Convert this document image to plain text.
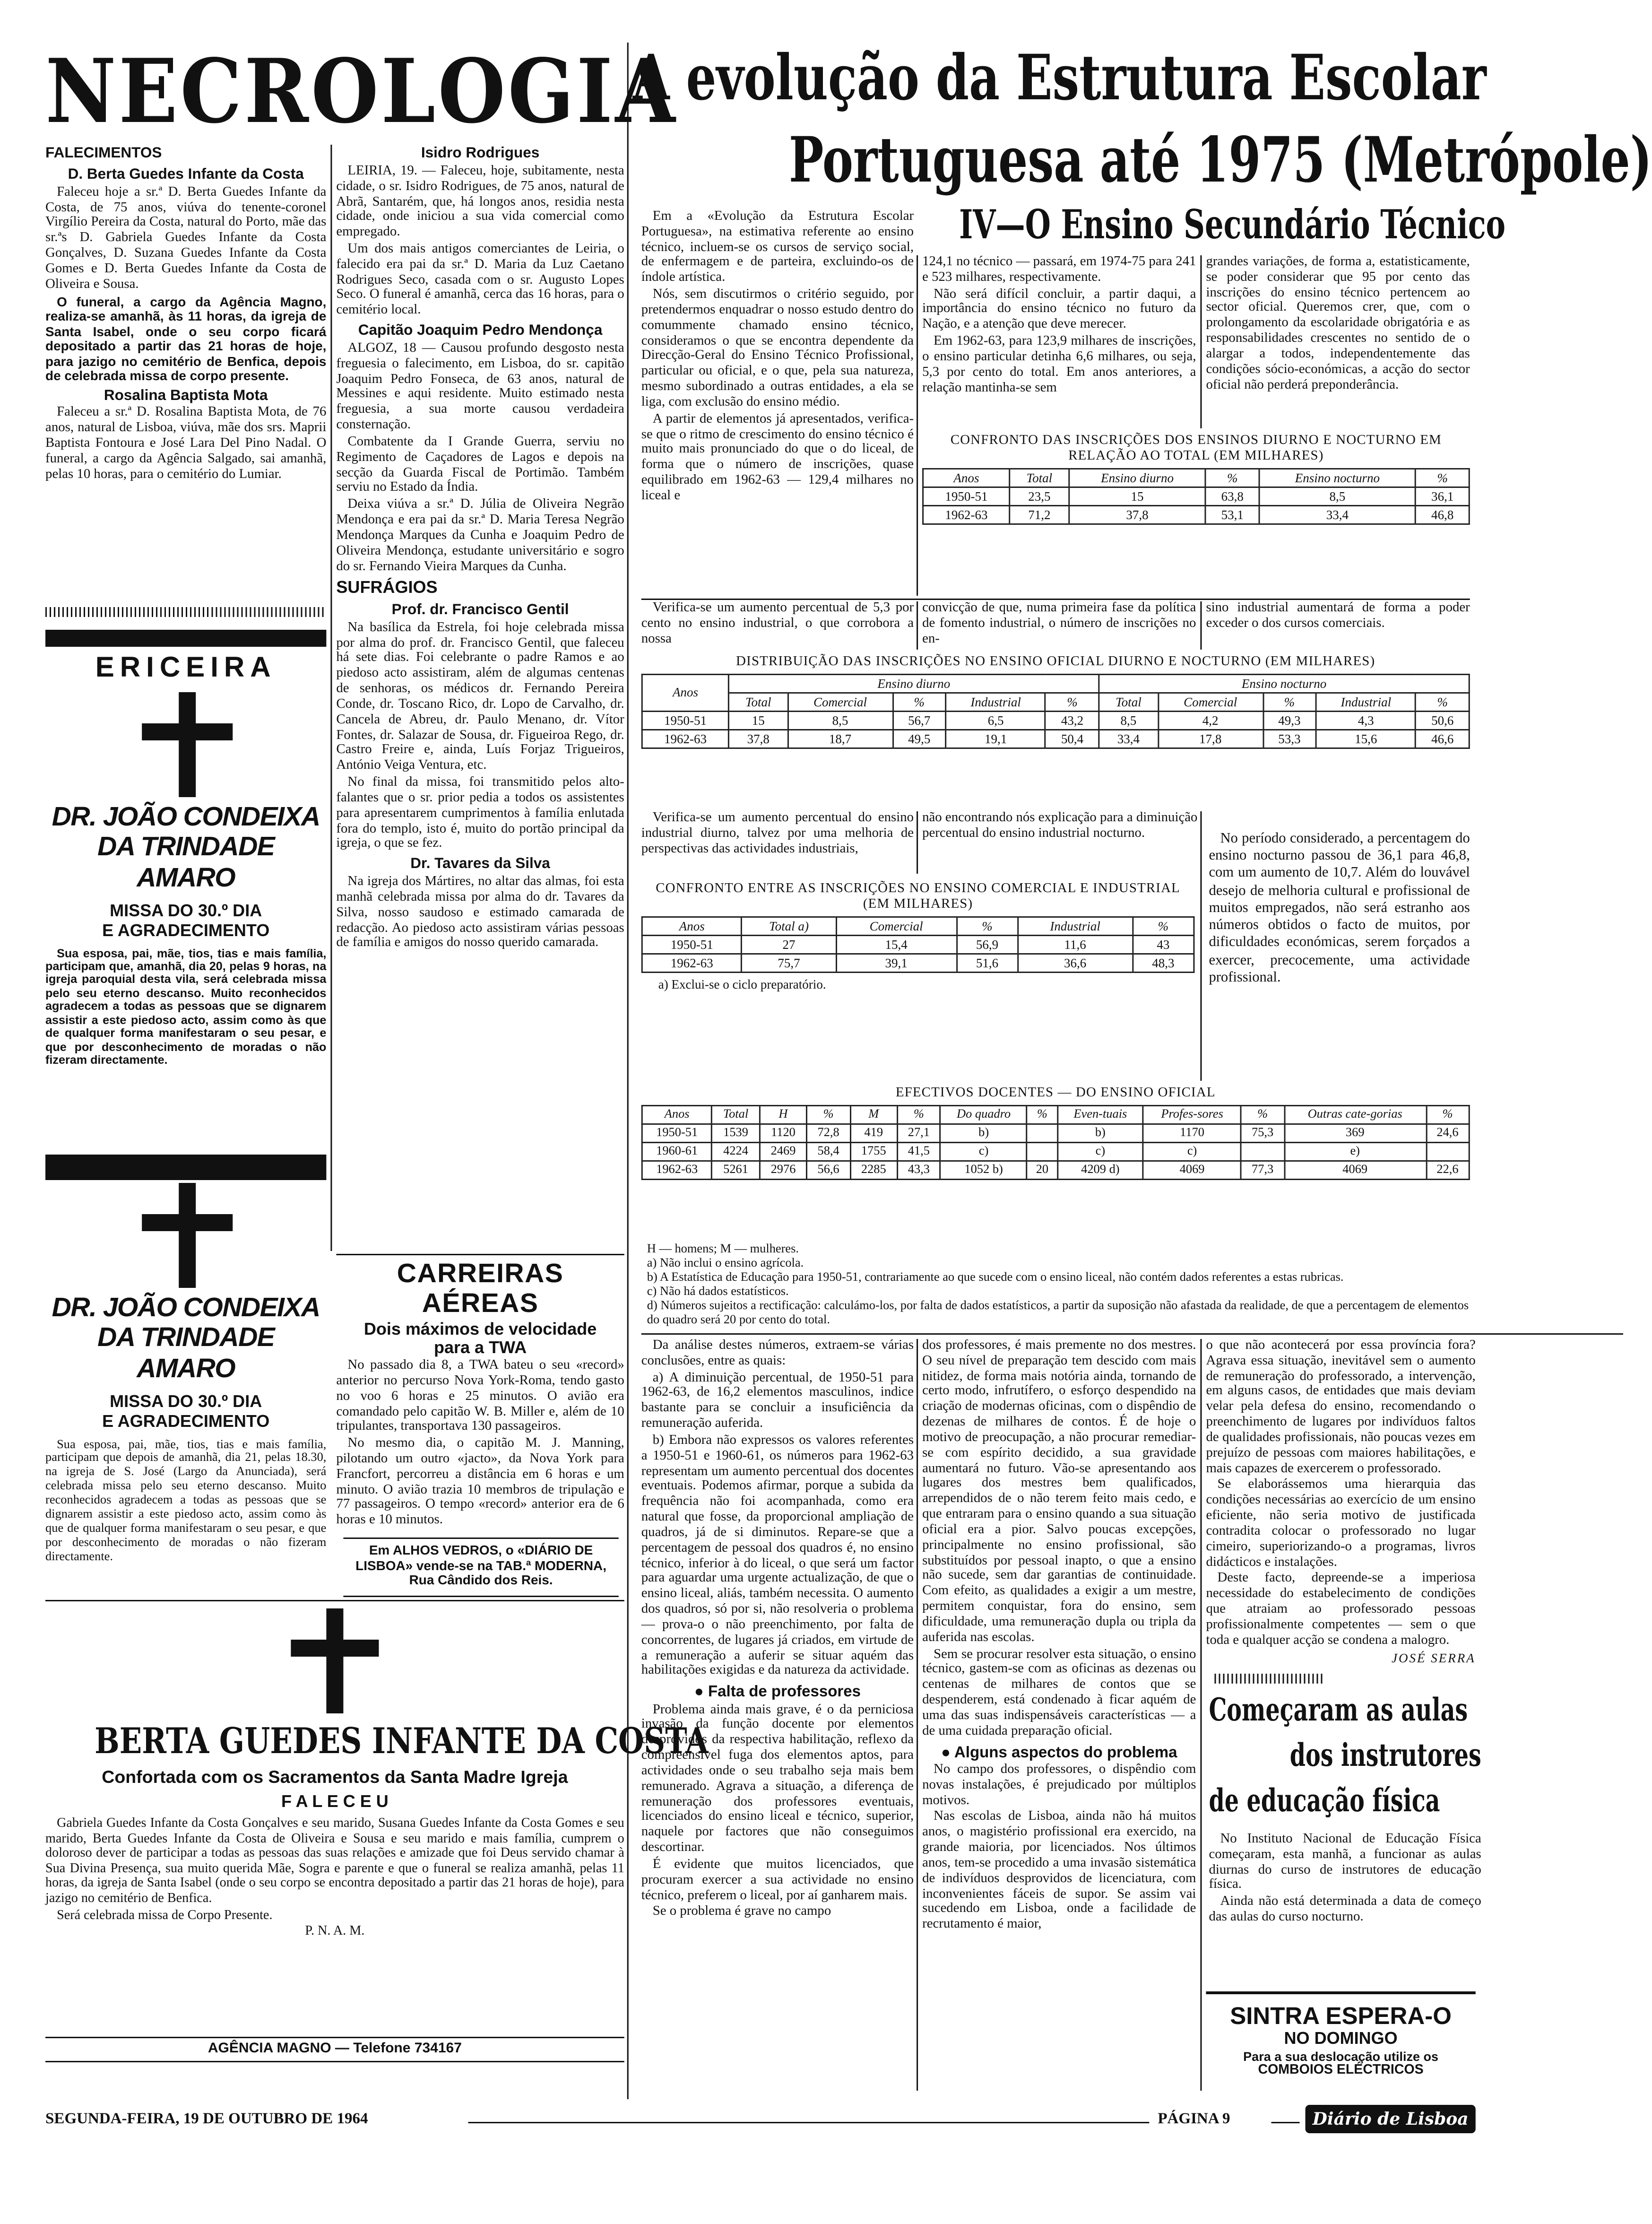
NECROLOGIA
FALECIMENTOS
D. Berta Guedes Infante da Costa

Faleceu hoje a sr.ª D. Berta Guedes Infante da Costa, de 75 anos, viúva do tenente-coronel Virgílio Pereira da Costa, natural do Porto, mãe das sr.ªs D. Gabriela Guedes Infante da Costa Gonçalves, D. Suzana Guedes Infante da Costa Gomes e D. Berta Guedes Infante da Costa de Oliveira e Sousa.

O funeral, a cargo da Agência Magno, realiza-se amanhã, às 11 horas, da igreja de Santa Isabel, onde o seu corpo ficará depositado a partir das 21 horas de hoje, para jazigo no cemitério de Benfica, depois de celebrada missa de corpo presente.

Rosalina Baptista Mota

Faleceu a sr.ª D. Rosalina Baptista Mota, de 76 anos, natural de Lisboa, viúva, mãe dos srs. Maprii Baptista Fontoura e José Lara Del Pino Nadal. O funeral, a cargo da Agência Salgado, sai amanhã, pelas 10 horas, para o cemitério do Lumiar.

ERICEIRA
DR. JOÃO CONDEIXA
DA TRINDADE AMARO
MISSA DO 30.º DIA
E AGRADECIMENTO

Sua esposa, pai, mãe, tios, tias e mais família, participam que, amanhã, dia 20, pelas 9 horas, na igreja paroquial desta vila, será celebrada missa pelo seu eterno descanso. Muito reconhecidos agradecem a todas as pessoas que se dignarem assistir a este piedoso acto, assim como às que de qualquer forma manifestaram o seu pesar, e que por desconhecimento de moradas o não fizeram directamente.

DR. JOÃO CONDEIXA
DA TRINDADE AMARO
MISSA DO 30.º DIA
E AGRADECIMENTO

Sua esposa, pai, mãe, tios, tias e mais família, participam que depois de amanhã, dia 21, pelas 18.30, na igreja de S. José (Largo da Anunciada), será celebrada missa pelo seu eterno descanso. Muito reconhecidos agradecem a todas as pessoas que se dignarem assistir a este piedoso acto, assim como às que de qualquer forma manifestaram o seu pesar, e que por desconhecimento de moradas o não fizeram directamente.

Isidro Rodrigues

LEIRIA, 19. — Faleceu, hoje, subitamente, nesta cidade, o sr. Isidro Rodrigues, de 75 anos, natural de Abrã, Santarém, que, há longos anos, residia nesta cidade, onde iniciou a sua vida comercial como empregado.

Um dos mais antigos comerciantes de Leiria, o falecido era pai da sr.ª D. Maria da Luz Caetano Rodrigues Seco, casada com o sr. Augusto Lopes Seco. O funeral é amanhã, cerca das 16 horas, para o cemitério local.

Capitão Joaquim Pedro Mendonça

ALGOZ, 18 — Causou profundo desgosto nesta freguesia o falecimento, em Lisboa, do sr. capitão Joaquim Pedro Fonseca, de 63 anos, natural de Messines e aqui residente. Muito estimado nesta freguesia, a sua morte causou verdadeira consternação.

Combatente da I Grande Guerra, serviu no Regimento de Caçadores de Lagos e depois na secção da Guarda Fiscal de Portimão. Também serviu no Estado da Índia.

Deixa viúva a sr.ª D. Júlia de Oliveira Negrão Mendonça e era pai da sr.ª D. Maria Teresa Negrão Mendonça Marques da Cunha e Joaquim Pedro de Oliveira Mendonça, estudante universitário e sogro do sr. Fernando Vieira Marques da Cunha.

SUFRÁGIOS
Prof. dr. Francisco Gentil

Na basílica da Estrela, foi hoje celebrada missa por alma do prof. dr. Francisco Gentil, que faleceu há sete dias. Foi celebrante o padre Ramos e ao piedoso acto assistiram, além de algumas centenas de senhoras, os médicos dr. Fernando Pereira Conde, dr. Toscano Rico, dr. Lopo de Carvalho, dr. Cancela de Abreu, dr. Paulo Menano, dr. Vítor Fontes, dr. Salazar de Sousa, dr. Figueiroa Rego, dr. Castro Freire e, ainda, Luís Forjaz Trigueiros, António Veiga Ventura, etc.

No final da missa, foi transmitido pelos alto-falantes que o sr. prior pedia a todos os assistentes para apresentarem cumprimentos à família enlutada fora do templo, isto é, muito do portão principal da igreja, o que se fez.

Dr. Tavares da Silva

Na igreja dos Mártires, no altar das almas, foi esta manhã celebrada missa por alma do dr. Tavares da Silva, nosso saudoso e estimado camarada de redacção. Ao piedoso acto assistiram várias pessoas de família e amigos do nosso querido camarada.

CARREIRAS AÉREAS
Dois máximos de velocidade para a TWA

No passado dia 8, a TWA bateu o seu «record» anterior no percurso Nova York-Roma, tendo gasto no voo 6 horas e 25 minutos. O avião era comandado pelo capitão W. B. Miller e, além de 10 tripulantes, transportava 130 passageiros.

No mesmo dia, o capitão M. J. Manning, pilotando um outro «jacto», da Nova York para Francfort, percorreu a distância em 6 horas e um minuto. O avião trazia 10 membros de tripulação e 77 passageiros. O tempo «record» anterior era de 6 horas e 10 minutos.

Em ALHOS VEDROS, o «DIÁRIO DE LISBOA» vende-se na TAB.ª MODERNA, Rua Cândido dos Reis.

BERTA GUEDES INFANTE DA COSTA
Confortada com os Sacramentos da Santa Madre Igreja
F A L E C E U

Gabriela Guedes Infante da Costa Gonçalves e seu marido, Susana Guedes Infante da Costa Gomes e seu marido, Berta Guedes Infante da Costa de Oliveira e Sousa e seu marido e mais família, cumprem o doloroso dever de participar a todas as pessoas das suas relações e amizade que foi Deus servido chamar à Sua Divina Presença, sua muito querida Mãe, Sogra e parente e que o funeral se realiza amanhã, pelas 11 horas, da igreja de Santa Isabel (onde o seu corpo se encontra depositado a partir das 21 horas de hoje), para jazigo no cemitério de Benfica.

Será celebrada missa de Corpo Presente.

P. N. A. M.
AGÊNCIA MAGNO — Telefone 734167
A evolução da Estrutura Escolar
Portuguesa até 1975 (Metrópole)
IV—O Ensino Secundário Técnico

Em a «Evolução da Estrutura Escolar Portuguesa», na estimativa referente ao ensino técnico, incluem-se os cursos de serviço social, de enfermagem e de parteira, excluindo-os de índole artística.

Nós, sem discutirmos o critério seguido, por pretendermos enquadrar o nosso estudo dentro do comummente chamado ensino técnico, consideramos o que se encontra dependente da Direcção-Geral do Ensino Técnico Profissional, particular ou oficial, e o que, pela sua natureza, mesmo subordinado a outras entidades, a ela se liga, com exclusão do ensino médio.

A partir de elementos já apresentados, verifica-se que o ritmo de crescimento do ensino técnico é muito mais pronunciado do que o do liceal, de forma que o número de inscrições, quase equilibrado em 1962-63 — 129,4 milhares no liceal e

124,1 no técnico — passará, em 1974-75 para 241 e 523 milhares, respectivamente.

Não será difícil concluir, a partir daqui, a importância do ensino técnico no futuro da Nação, e a atenção que deve merecer.

Em 1962-63, para 123,9 milhares de inscrições, o ensino particular detinha 6,6 milhares, ou seja, 5,3 por cento do total. Em anos anteriores, a relação mantinha-se sem

grandes variações, de forma a, estatisticamente, se poder considerar que 95 por cento das inscrições do ensino técnico pertencem ao sector oficial. Queremos crer, que, com o prolongamento da escolaridade obrigatória e as responsabilidades crescentes no sentido de o alargar a todos, independentemente das condições sócio-económicas, a acção do sector oficial não perderá preponderância.

CONFRONTO DAS INSCRIÇÕES DOS ENSINOS DIURNO E NOCTURNO EM RELAÇÃO AO TOTAL (EM MILHARES)
Anos	Total	Ensino diurno	%	Ensino nocturno	%
1950-51	23,5	15	63,8	8,5	36,1
1962-63	71,2	37,8	53,1	33,4	46,8

Verifica-se um aumento percentual de 5,3 por cento no ensino industrial, o que corrobora a nossa

convicção de que, numa primeira fase da política de fomento industrial, o número de inscrições no en-

sino industrial aumentará de forma a poder exceder o dos cursos comerciais.

DISTRIBUIÇÃO DAS INSCRIÇÕES NO ENSINO OFICIAL DIURNO E NOCTURNO (EM MILHARES)
Anos	Ensino diurno					Ensino nocturno				
	Total	Comercial	%	Industrial	%	Total	Comercial	%	Industrial	%
1950-51	15	8,5	56,7	6,5	43,2	8,5	4,2	49,3	4,3	50,6
1962-63	37,8	18,7	49,5	19,1	50,4	33,4	17,8	53,3	15,6	46,6

Verifica-se um aumento percentual do ensino industrial diurno, talvez por uma melhoria de perspectivas das actividades industriais,

não encontrando nós explicação para a diminuição percentual do ensino industrial nocturno.	No período considerado, a percentagem do ensino nocturno passou de 36,1 para 46,8, com um aumento de 10,7. Além do louvável desejo de melhoria cultural e profissional de muitos empregados, não será estranho aos números obtidos o facto de muitos, por dificuldades económicas, serem forçados a exercer, precocemente, uma actividade profissional.

CONFRONTO ENTRE AS INSCRIÇÕES NO ENSINO COMERCIAL E INDUSTRIAL (EM MILHARES)
Anos	Total a)	Comercial	%	Industrial	%
1950-51	27	15,4	56,9	11,6	43
1962-63	75,7	39,1	51,6	36,6	48,3
a) Exclui-se o ciclo preparatório.
EFECTIVOS DOCENTES — DO ENSINO OFICIAL
Anos	Total	H	%	M	%	Do quadro	%	Even-tuais	Profes-sores	%	Outras cate-gorias	%
1950-51	1539	1120	72,8	419	27,1	b)		b)	1170	75,3	369	24,6
1960-61	4224	2469	58,4	1755	41,5	c)		c)	c)		e)	
1962-63	5261	2976	56,6	2285	43,3	1052 b)	20	4209 d)	4069	77,3	4069	22,6
H — homens; M — mulheres.
a) Não inclui o ensino agrícola.
b) A Estatística de Educação para 1950-51, contrariamente ao que sucede com o ensino liceal, não contém dados referentes a estas rubricas.
c) Não há dados estatísticos.
d) Números sujeitos a rectificação: calculámo-los, por falta de dados estatísticos, a partir da suposição não afastada da realidade, de que a percentagem de elementos do quadro será 20 por cento do total.

Da análise destes números, extraem-se várias conclusões, entre as quais:

a) A diminuição percentual, de 1950-51 para 1962-63, de 16,2 elementos masculinos, indice bastante para se concluir a insuficiência da remuneração auferida.

b) Embora não expressos os valores referentes a 1950-51 e 1960-61, os números para 1962-63 representam um aumento percentual dos docentes eventuais. Podemos afirmar, porque a subida da frequência não foi acompanhada, como era natural que fosse, da proporcional ampliação de quadros, já de si diminutos. Repare-se que a percentagem de pessoal dos quadros é, no ensino técnico, inferior à do liceal, o que será um factor para aguardar uma urgente actualização, de que o ensino liceal, aliás, também necessita. O aumento dos quadros, só por si, não resolveria o problema — prova-o o não preenchimento, por falta de concorrentes, de lugares já criados, em virtude de a remuneração a auferir se situar aquém das habilitações exigidas e da natureza da actividade.

● Falta de professores

Problema ainda mais grave, é o da perniciosa invasão da função docente por elementos desprovidos da respectiva habilitação, reflexo da compreensível fuga dos elementos aptos, para actividades onde o seu trabalho seja mais bem remunerado. Agrava a situação, a diferença de remuneração dos professores eventuais, licenciados do ensino liceal e técnico, superior, naquele por factores que não conseguimos descortinar.

É evidente que muitos licenciados, que procuram exercer a sua actividade no ensino técnico, preferem o liceal, por aí ganharem mais.

Se o problema é grave no campo

dos professores, é mais premente no dos mestres. O seu nível de preparação tem descido com mais nitidez, de forma mais notória ainda, tornando de certo modo, infrutífero, o esforço despendido na criação de modernas oficinas, com o dispêndio de dezenas de milhares de contos. É de hoje o motivo de preocupação, a não procurar remediar-se com espírito decidido, a sua gravidade aumentará no futuro. Vão-se apresentando aos lugares dos mestres bem qualificados, arrependidos de o não terem feito mais cedo, e que entraram para o ensino quando a sua situação oficial era a pior. Salvo poucas excepções, principalmente no ensino profissional, são substituídos por pessoal inapto, o que a ensino não sucede, sem dar garantias de continuidade. Com efeito, as qualidades a exigir a um mestre, permitem conquistar, fora do ensino, sem dificuldade, uma remuneração dupla ou tripla da auferida nas escolas.

Sem se procurar resolver esta situação, o ensino técnico, gastem-se com as oficinas as dezenas ou centenas de milhares de contos que se despenderem, está condenado à ficar aquém de uma das suas indispensáveis características — a de uma cuidada preparação oficial.

● Alguns aspectos do problema

No campo dos professores, o dispêndio com novas instalações, é prejudicado por múltiplos motivos.

Nas escolas de Lisboa, ainda não há muitos anos, o magistério profissional era exercido, na grande maioria, por licenciados. Nos últimos anos, tem-se procedido a uma invasão sistemática de indivíduos desprovidos de licenciatura, com inconvenientes fáceis de supor. Se assim vai sucedendo em Lisboa, onde a facilidade de recrutamento é maior,

o que não acontecerá por essa província fora? Agrava essa situação, inevitável sem o aumento de remuneração do professorado, a intervenção, em alguns casos, de entidades que mais deviam velar pela defesa do ensino, recomendando o preenchimento de lugares por indivíduos faltos de qualidades profissionais, não poucas vezes em prejuízo de pessoas com maiores habilitações, e mais capazes de exercerem o professorado.

Se elaborássemos uma hierarquia das condições necessárias ao exercício de um ensino eficiente, não seria motivo de justificada contradita colocar o professorado no lugar cimeiro, superiorizando-o a programas, livros didácticos e instalações.

Deste facto, depreende-se a imperiosa necessidade do estabelecimento de condições que atraiam ao professorado pessoas profissionalmente competentes — sem o que toda e qualquer acção se condena a malogro.

JOSÉ SERRA
Começaram as aulas
dos instrutores
de educação física

No Instituto Nacional de Educação Física começaram, esta manhã, a funcionar as aulas diurnas do curso de instrutores de educação física.

Ainda não está determinada a data de começo das aulas do curso nocturno.

SINTRA ESPERA-O
NO DOMINGO
Para a sua deslocação utilize os
COMBOIOS ELÉCTRICOS
SEGUNDA-FEIRA, 19 DE OUTUBRO DE 1964	PÁGINA 9	Diário de Lisboa
